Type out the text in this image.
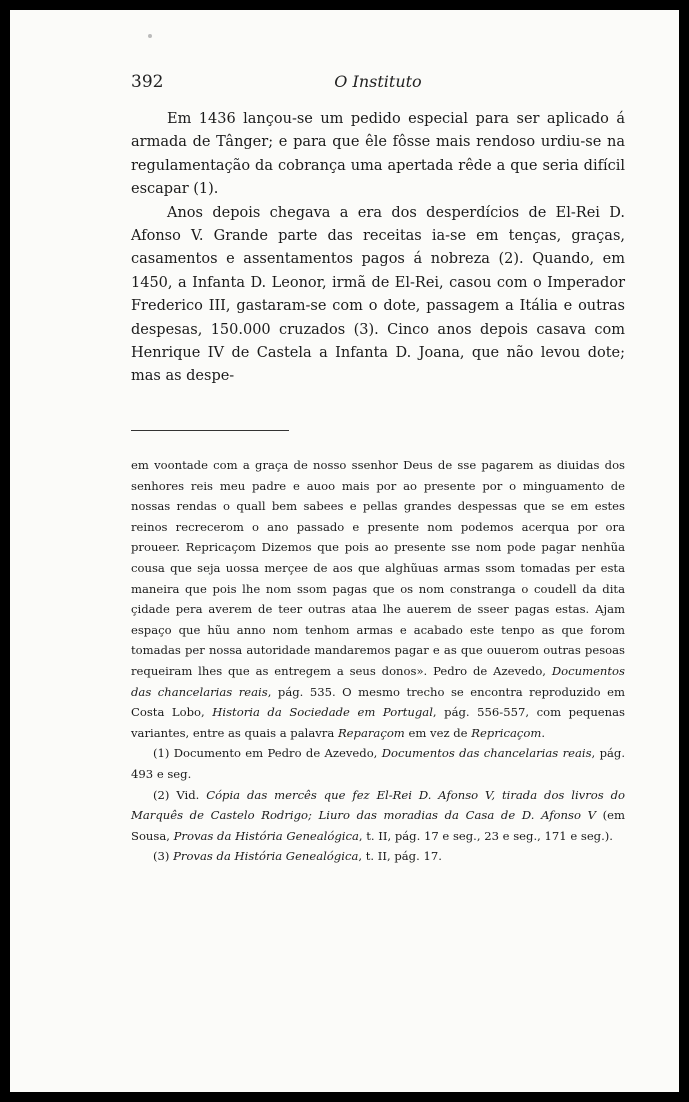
392	O Instituto

Em 1436 lançou-se um pedido especial para ser aplicado á armada de Tânger; e para que êle fôsse mais rendoso urdiu-se na regulamentação da cobrança uma apertada rêde a que seria difícil escapar (1).

Anos depois chegava a era dos desperdícios de El-Rei D. Afonso V. Grande parte das receitas ia-se em tenças, graças, casamentos e assentamentos pagos á nobreza (2). Quando, em 1450, a Infanta D. Leonor, irmã de El-Rei, casou com o Imperador Frederico III, gastaram-se com o dote, passagem a Itália e outras despesas, 150.000 cruzados (3). Cinco anos depois casava com Henrique IV de Castela a Infanta D. Joana, que não levou dote; mas as despe-

em voontade com a graça de nosso ssenhor Deus de sse pagarem as diuidas dos senhores reis meu padre e auoo mais por ao presente por o minguamento de nossas rendas o quall bem sabees e pellas grandes despessas que se em estes reinos recrecerom o ano passado e presente nom podemos acerqua por ora proueer. Repricaçom Dizemos que pois ao presente sse nom pode pagar nenhũa cousa que seja uossa merçee de aos que alghũuas armas ssom tomadas per esta maneira que pois lhe nom ssom pagas que os nom constranga o coudell da dita çidade pera averem de teer outras ataa lhe auerem de sseer pagas estas. Ajam espaço que hũu anno nom tenhom armas e acabado este tenpo as que forom tomadas per nossa autoridade mandaremos pagar e as que ouuerom outras pesoas requeiram lhes que as entregem a seus donos». Pedro de Azevedo, Documentos das chancelarias reais, pág. 535. O mesmo trecho se encontra reproduzido em Costa Lobo, Historia da Sociedade em Portugal, pág. 556-557, com pequenas variantes, entre as quais a palavra Reparaçom em vez de Repricaçom.

(1) Documento em Pedro de Azevedo, Documentos das chancelarias reais, pág. 493 e seg.

(2) Vid. Cópia das mercês que fez El-Rei D. Afonso V, tirada dos livros do Marquês de Castelo Rodrigo; Liuro das moradias da Casa de D. Afonso V (em Sousa, Provas da História Genealógica, t. II, pág. 17 e seg., 23 e seg., 171 e seg.).

(3) Provas da História Genealógica, t. II, pág. 17.
